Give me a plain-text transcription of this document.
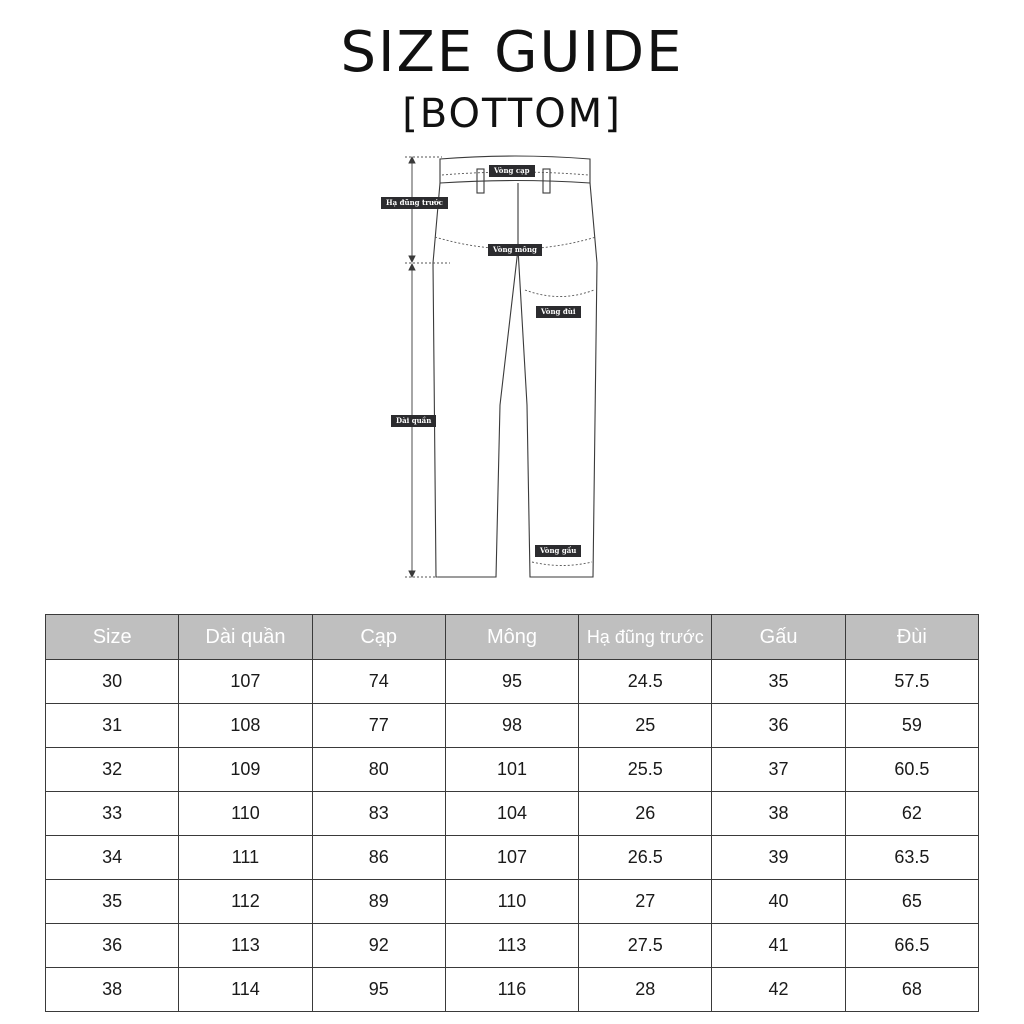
SIZE GUIDE
[BOTTOM]
Vòng cạp
Hạ đũng trước
Vòng mông
Vòng đùi
Dài quần
Vòng gấu
Size	Dài quần	Cạp	Mông	Hạ đũng trước	Gấu	Đùi
30	107	74	95	24.5	35	57.5
31	108	77	98	25	36	59
32	109	80	101	25.5	37	60.5
33	110	83	104	26	38	62
34	111	86	107	26.5	39	63.5
35	112	89	110	27	40	65
36	113	92	113	27.5	41	66.5
38	114	95	116	28	42	68
